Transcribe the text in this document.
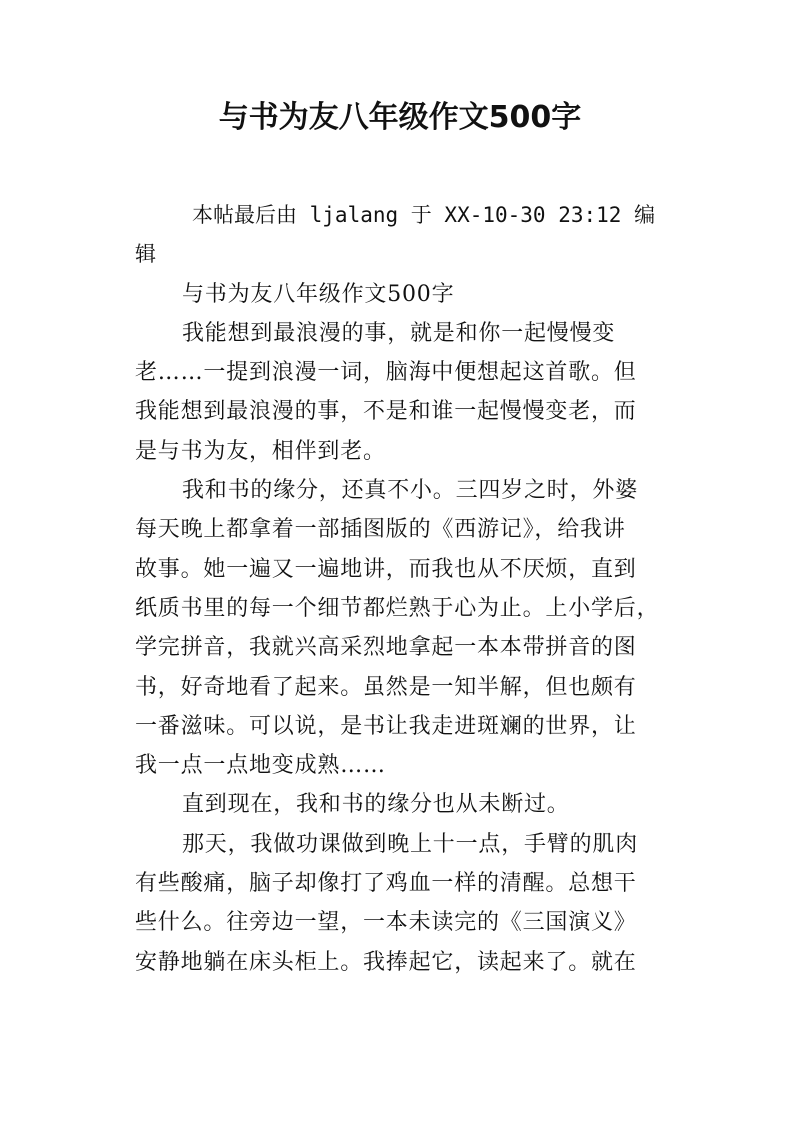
与书为友八年级作文500字
本帖最后由 ljalang 于 XX-10-30 23:12 编
辑
与书为友八年级作文500字
我能想到最浪漫的事，就是和你一起慢慢变
老……一提到浪漫一词，脑海中便想起这首歌。但
我能想到最浪漫的事，不是和谁一起慢慢变老，而
是与书为友，相伴到老。
我和书的缘分，还真不小。三四岁之时，外婆
每天晚上都拿着一部插图版的《西游记》，给我讲
故事。她一遍又一遍地讲，而我也从不厌烦，直到
纸质书里的每一个细节都烂熟于心为止。上小学后，
学完拼音，我就兴高采烈地拿起一本本带拼音的图
书，好奇地看了起来。虽然是一知半解，但也颇有
一番滋味。可以说，是书让我走进斑斓的世界，让
我一点一点地变成熟……
直到现在，我和书的缘分也从未断过。
那天，我做功课做到晚上十一点，手臂的肌肉
有些酸痛，脑子却像打了鸡血一样的清醒。总想干
些什么。往旁边一望，一本未读完的《三国演义》
安静地躺在床头柜上。我捧起它，读起来了。就在
